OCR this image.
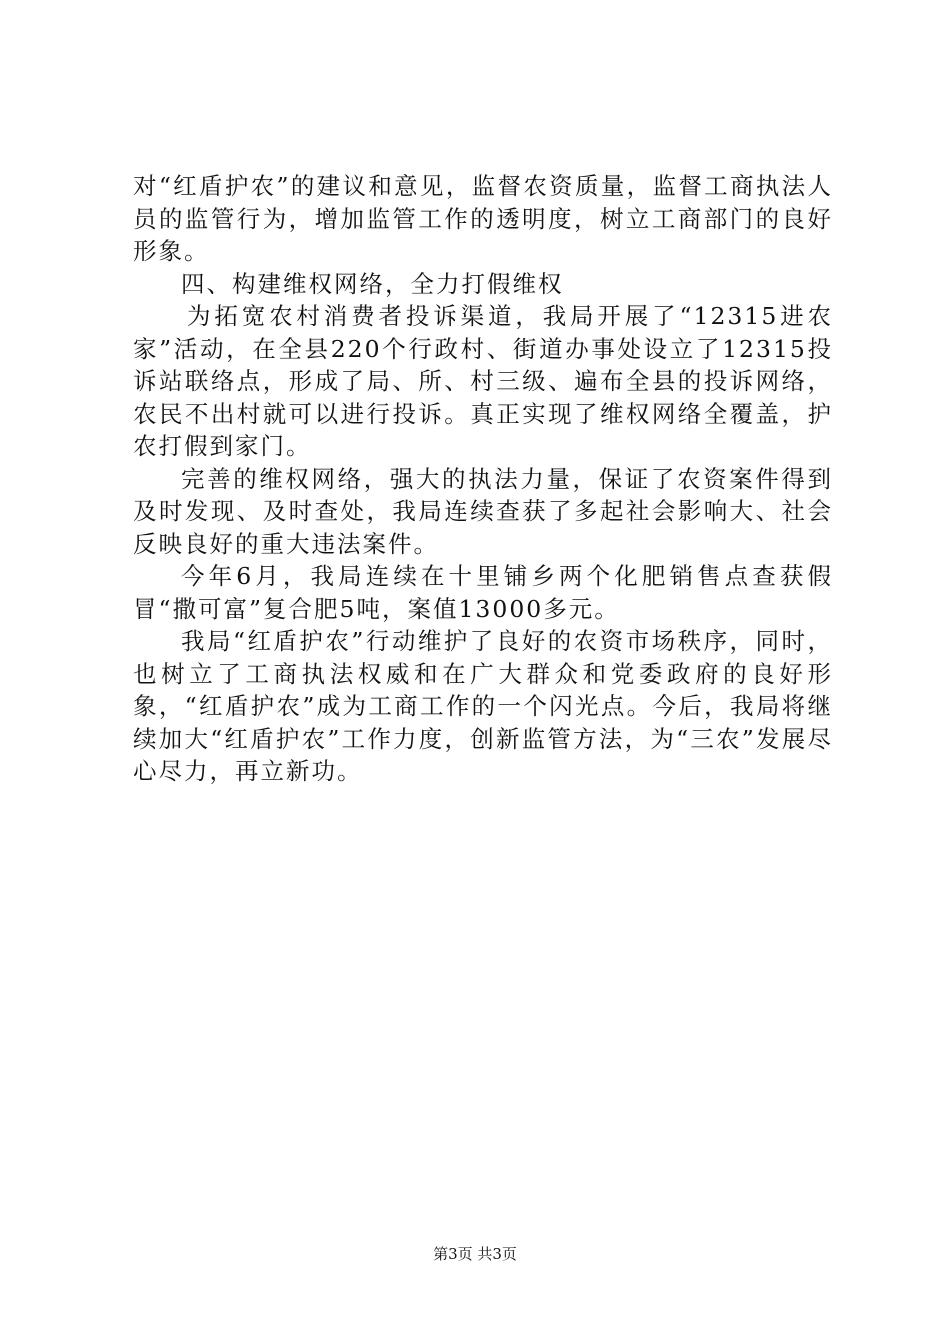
对“红盾护农”的建议和意见，监督农资质量，监督工商执法人员的监管行为，增加监管工作的透明度，树立工商部门的良好形象。

四、构建维权网络，全力打假维权

为拓宽农村消费者投诉渠道，我局开展了“12315进农家”活动，在全县220个行政村、街道办事处设立了12315投诉站联络点，形成了局、所、村三级、遍布全县的投诉网络，农民不出村就可以进行投诉。真正实现了维权网络全覆盖，护农打假到家门。

完善的维权网络，强大的执法力量，保证了农资案件得到及时发现、及时查处，我局连续查获了多起社会影响大、社会反映良好的重大违法案件。

今年6月，我局连续在十里铺乡两个化肥销售点查获假冒“撒可富”复合肥5吨，案值13000多元。

我局“红盾护农”行动维护了良好的农资市场秩序，同时，也树立了工商执法权威和在广大群众和党委政府的良好形象，“红盾护农”成为工商工作的一个闪光点。今后，我局将继续加大“红盾护农”工作力度，创新监管方法，为“三农”发展尽心尽力，再立新功。

第3页 共3页
